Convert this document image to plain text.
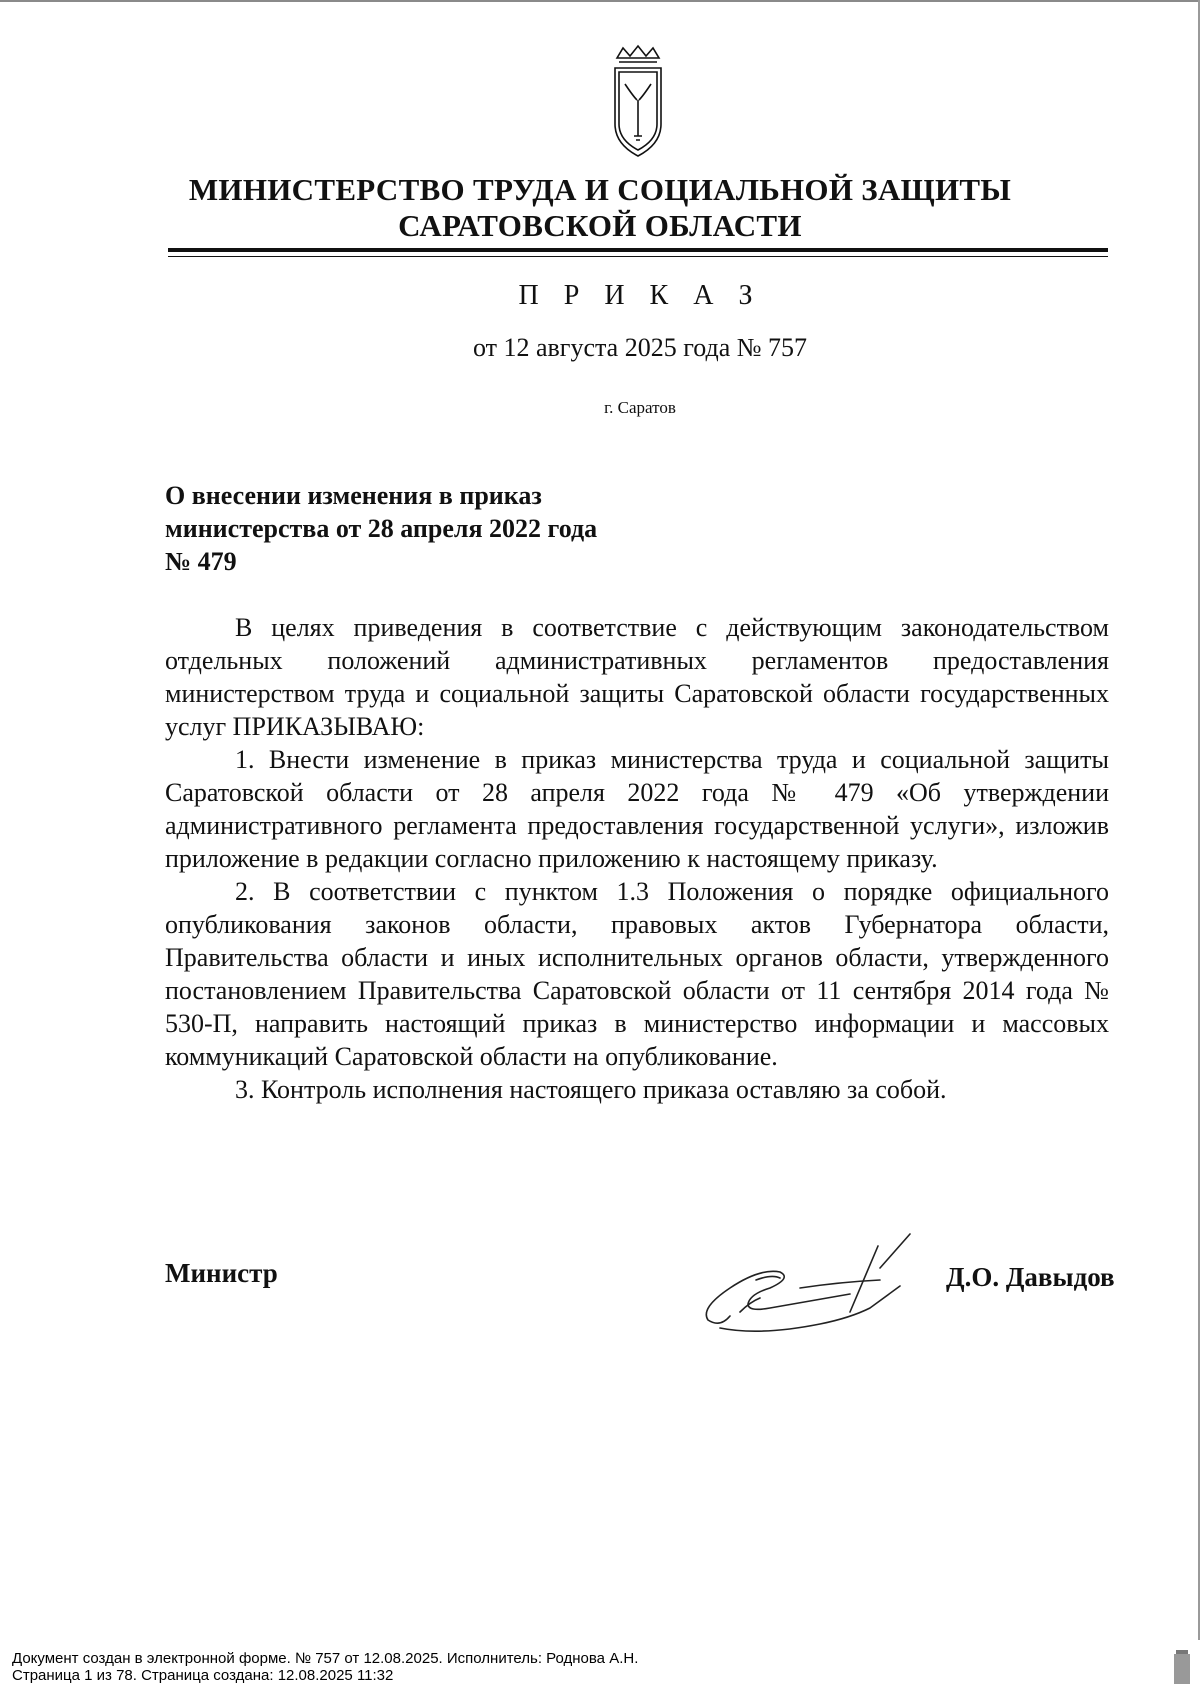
МИНИСТЕРСТВО ТРУДА И СОЦИАЛЬНОЙ ЗАЩИТЫ
САРАТОВСКОЙ ОБЛАСТИ
П Р И К А З
от 12 августа 2025 года № 757
г. Саратов
О внесении изменения в приказ
министерства от 28 апреля 2022 года
№ 479

В целях приведения в соответствие с действующим законодательством отдельных положений административных регламентов предоставления министерством труда и социальной защиты Саратовской области государственных услуг ПРИКАЗЫВАЮ:

1. Внести изменение в приказ министерства труда и социальной защиты Саратовской области от 28 апреля 2022 года № 479 «Об утверждении административного регламента предоставления государственной услуги», изложив приложение в редакции согласно приложению к настоящему приказу.

2. В соответствии с пунктом 1.3 Положения о порядке официального опубликования законов области, правовых актов Губернатора области, Правительства области и иных исполнительных органов области, утвержденного постановлением Правительства Саратовской области от 11 сентября 2014 года № 530-П, направить настоящий приказ в министерство информации и массовых коммуникаций Саратовской области на опубликование.

3. Контроль исполнения настоящего приказа оставляю за собой.

Министр	Д.О. Давыдов
Документ создан в электронной форме. № 757 от 12.08.2025. Исполнитель: Роднова А.Н.
Страница 1 из 78. Страница создана: 12.08.2025 11:32
